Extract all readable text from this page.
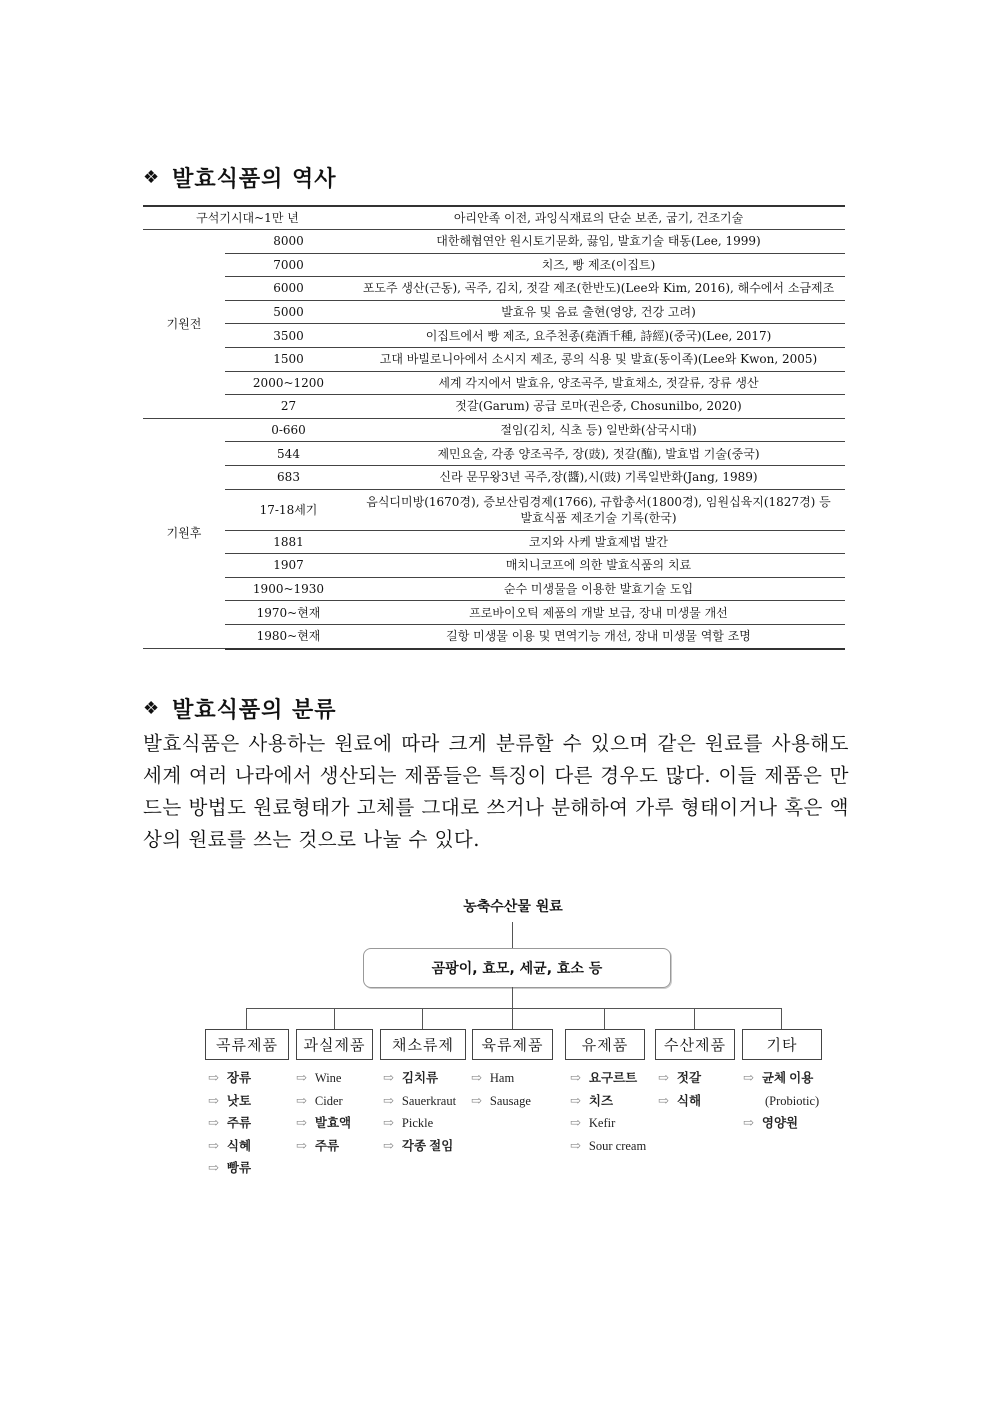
❖ 발효식품의 역사
구석기시대~1만 년		아리안족 이전, 과잉식재료의 단순 보존, 굽기, 건조기술
기원전	8000	대한해협연안 원시토기문화, 끓임, 발효기술 태동(Lee, 1999)
	7000	치즈, 빵 제조(이집트)
	6000	포도주 생산(근동), 곡주, 김치, 젓갈 제조(한반도)(Lee와 Kim, 2016), 해수에서 소금제조
	5000	발효유 및 음료 출현(영양, 건강 고려)
	3500	이집트에서 빵 제조, 요주천종(堯酒千種, 詩經)(중국)(Lee, 2017)
	1500	고대 바빌로니아에서 소시지 제조, 콩의 식용 및 발효(동이족)(Lee와 Kwon, 2005)
	2000~1200	세계 각지에서 발효유, 양조곡주, 발효채소, 젓갈류, 장류 생산
	27	젓갈(Garum) 공급 로마(권은중, Chosunilbo, 2020)
기원후	0-660	절임(김치, 식초 등) 일반화(삼국시대)
	544	제민요술, 각종 양조곡주, 장(豉), 젓갈(醢), 발효법 기술(중국)
	683	신라 문무왕3년 곡주,장(醬),시(豉) 기록일반화(Jang, 1989)
	17-18세기	음식디미방(1670경), 증보산림경제(1766), 규합총서(1800경), 임원십육지(1827경) 등
발효식품 제조기술 기록(한국)

	1881	코지와 사케 발효제법 발간
	1907	매치니코프에 의한 발효식품의 치료
	1900~1930	순수 미생물을 이용한 발효기술 도입
	1970~현재	프로바이오틱 제품의 개발 보급, 장내 미생물 개선
	1980~현재	길항 미생물 이용 및 면역기능 개선, 장내 미생물 역할 조명
❖ 발효식품의 분류
발효식품은 사용하는 원료에 따라 크게 분류할 수 있으며 같은 원료를 사용해도 세계 여러 나라에서 생산되는 제품들은 특징이 다른 경우도 많다. 이들 제품은 만드는 방법도 원료형태가 고체를 그대로 쓰거나 분해하여 가루 형태이거나 혹은 액상의 원료를 쓰는 것으로 나눌 수 있다.
농축수산물 원료
곰팡이, 효모, 세균, 효소 등
곡류제품
⇨ 장류
⇨ 낫토
⇨ 주류
⇨ 식혜
⇨ 빵류
과실제품
⇨ Wine
⇨ Cider
⇨ 발효액
⇨ 주류
채소류제
⇨ 김치류
⇨ Sauerkraut
⇨ Pickle
⇨ 각종 절임
육류제품
⇨ Ham
⇨ Sausage
유제품
⇨ 요구르트
⇨ 치즈
⇨ Kefir
⇨ Sour cream
수산제품
⇨ 젓갈
⇨ 식해
기타
⇨ 균체 이용
(Probiotic)
⇨ 영양원
